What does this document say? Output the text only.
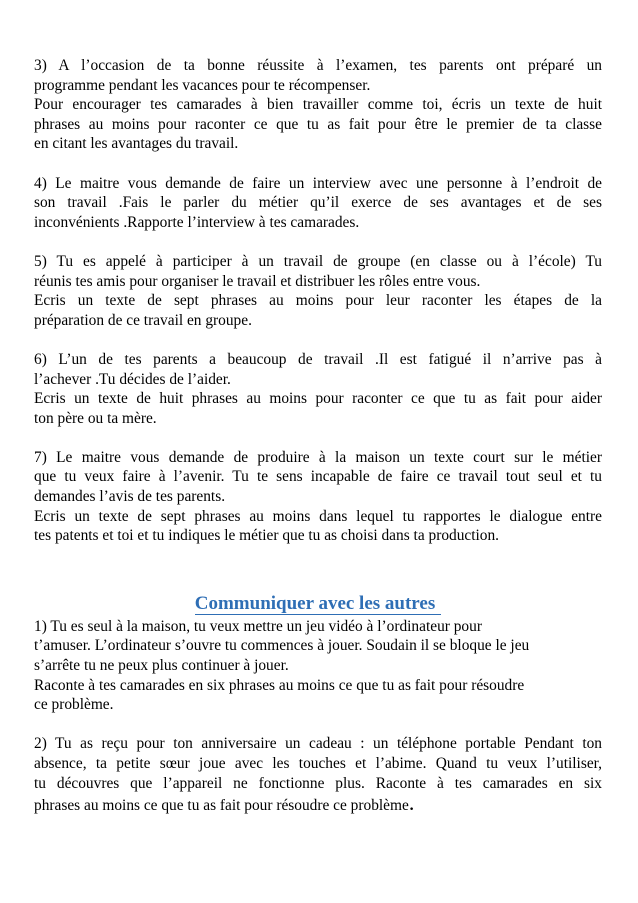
3) A l’occasion de ta bonne réussite à l’examen, tes parents ont préparé un
programme pendant les vacances pour te récompenser.
Pour encourager tes camarades à bien travailler comme toi, écris un texte de huit
phrases au moins pour raconter ce que tu as fait pour être le premier de ta classe
en citant les avantages du travail.
4) Le maitre vous demande de faire un interview avec une personne à l’endroit de
son travail .Fais le parler du métier qu’il exerce de ses avantages et de ses
inconvénients .Rapporte l’interview à tes camarades.
5) Tu es appelé à participer à un travail de groupe (en classe ou à l’école) Tu
réunis tes amis pour organiser le travail et distribuer les rôles entre vous.
Ecris un texte de sept phrases au moins pour leur raconter les étapes de la
préparation de ce travail en groupe.
6) L’un de tes parents a beaucoup de travail .Il est fatigué il n’arrive pas à
l’achever .Tu décides de l’aider.
Ecris un texte de huit phrases au moins pour raconter ce que tu as fait pour aider
ton père ou ta mère.
7) Le maitre vous demande de produire à la maison un texte court sur le métier
que tu veux faire à l’avenir. Tu te sens incapable de faire ce travail tout seul et tu
demandes l’avis de tes parents.
Ecris un texte de sept phrases au moins dans lequel tu rapportes le dialogue entre
tes patents et toi et tu indiques le métier que tu as choisi dans ta production.
Communiquer avec les autres
1) Tu es seul à la maison, tu veux mettre un jeu vidéo à l’ordinateur pour
t’amuser. L’ordinateur s’ouvre tu commences à jouer. Soudain il se bloque le jeu
s’arrête tu ne peux plus continuer à jouer.
Raconte à tes camarades en six phrases au moins ce que tu as fait pour résoudre
ce problème.
2) Tu as reçu pour ton anniversaire un cadeau : un téléphone portable Pendant ton
absence, ta petite sœur joue avec les touches et l’abime. Quand tu veux l’utiliser,
tu découvres que l’appareil ne fonctionne plus. Raconte à tes camarades en six
phrases au moins ce que tu as fait pour résoudre ce problème.
